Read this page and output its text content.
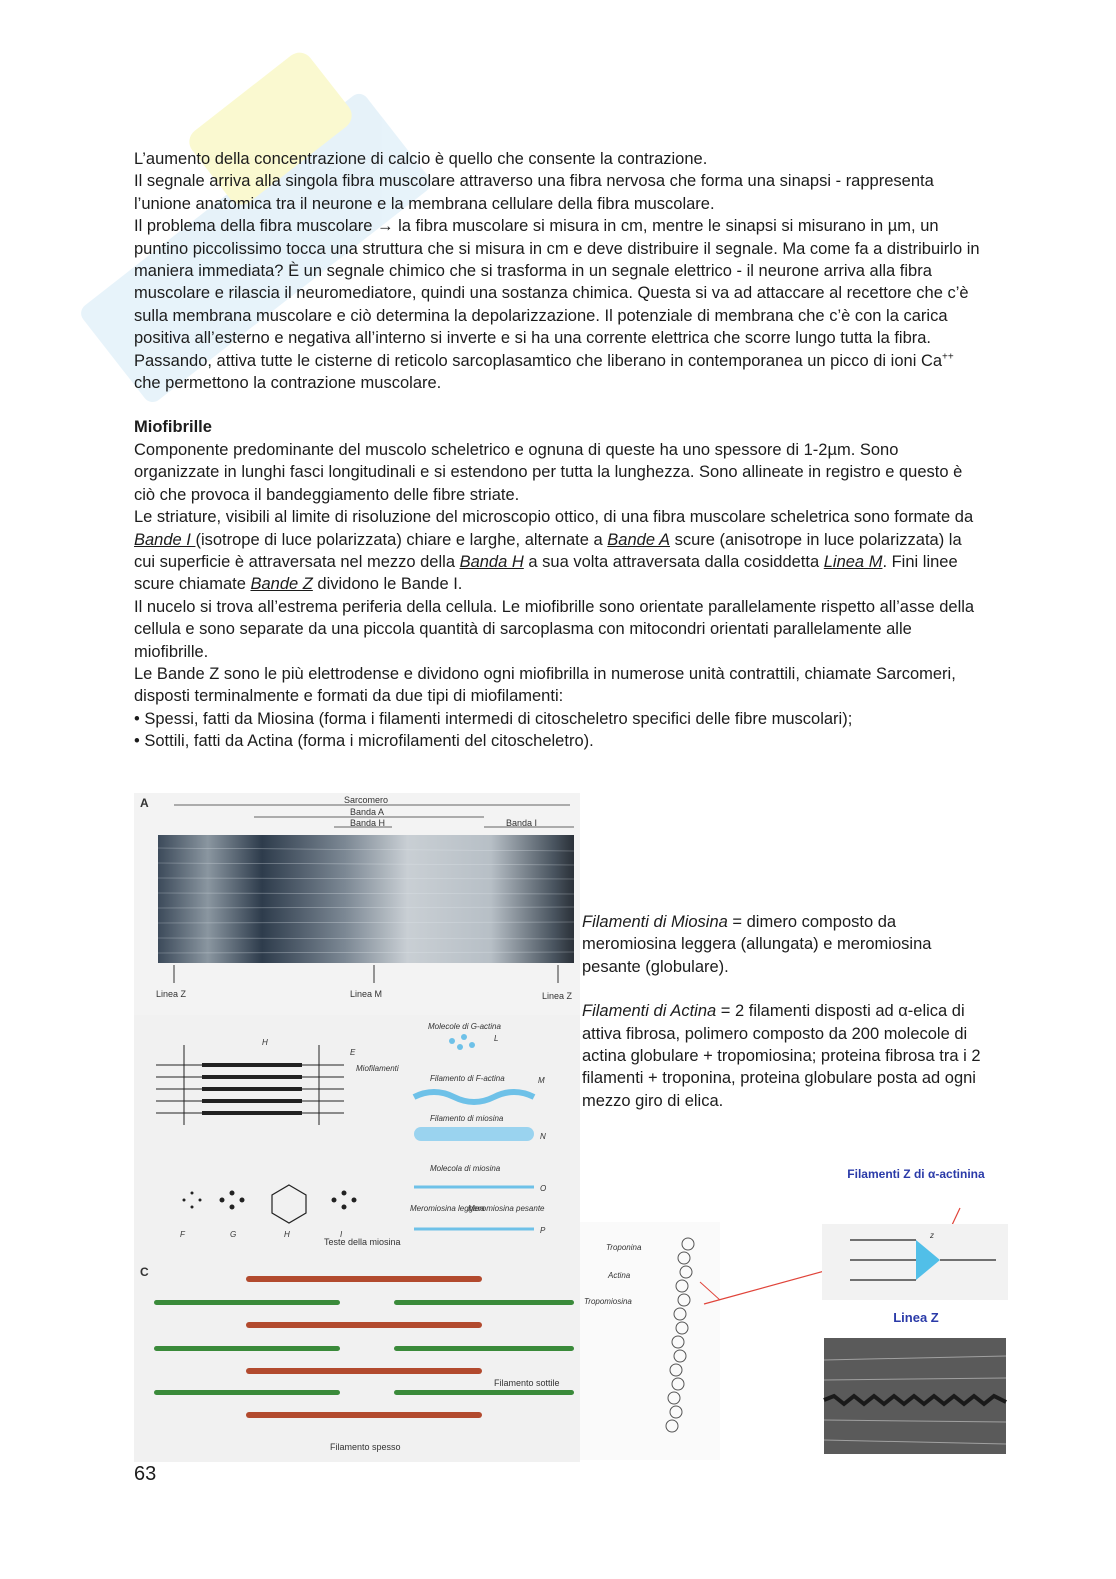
L’aumento della concentrazione di calcio è quello che consente la contrazione.

Il segnale arriva alla singola fibra muscolare attraverso una fibra nervosa che forma una sinapsi - rappresenta l’unione anatomica tra il neurone e la membrana cellulare della fibra muscolare.

Il problema della fibra muscolare → la fibra muscolare si misura in cm, mentre le sinapsi si misurano in µm, un puntino piccolissimo tocca una struttura che si misura in cm e deve distribuire il segnale. Ma come fa a distribuirlo in maniera immediata? È un segnale chimico che si trasforma in un segnale elettrico - il neurone arriva alla fibra muscolare e rilascia il neuromediatore, quindi una sostanza chimica. Questa si va ad attaccare al recettore che c’è sulla membrana muscolare e ciò determina la depolarizzazione. Il potenziale di membrana che c’è con la carica positiva all’esterno e negativa all’interno si inverte e si ha una corrente elettrica che scorre lungo tutta la fibra. Passando, attiva tutte le cisterne di reticolo sarcoplasamtico che liberano in contemporanea un picco di ioni Ca++ che permettono la contrazione muscolare.

Miofibrille

Componente predominante del muscolo scheletrico e ognuna di queste ha uno spessore di 1-2µm. Sono organizzate in lunghi fasci longitudinali e si estendono per tutta la lunghezza. Sono allineate in registro e questo è ciò che provoca il bandeggiamento delle fibre striate.

Le striature, visibili al limite di risoluzione del microscopio ottico, di una fibra muscolare scheletrica sono formate da Bande I (isotrope di luce polarizzata) chiare e larghe, alternate a Bande A scure (anisotrope in luce polarizzata) la cui superficie è attraversata nel mezzo della Banda H a sua volta attraversata dalla cosiddetta Linea M. Fini linee scure chiamate Bande Z dividono le Bande I.

Il nucelo si trova all’estrema periferia della cellula. Le miofibrille sono orientate parallelamente rispetto all’asse della cellula e sono separate da una piccola quantità di sarcoplasma con mitocondri orientati parallelamente alle miofibrille.

Le Bande Z sono le più elettrodense e dividono ogni miofibrilla in numerose unità contrattili, chiamate Sarcomeri, disposti terminalmente e formati da due tipi di miofilamenti:

• Spessi, fatti da Miosina (forma i filamenti intermedi di citoscheletro specifici delle fibre muscolari);

• Sottili, fatti da Actina (forma i microfilamenti del citoscheletro).

A	Sarcomero
Banda A
Banda H	Banda I
Linea Z	Linea M	Linea Z
H
E
Miofilamenti
F	G	H	I
Molecole di G-actina
L
Filamento di F-actina	M
Filamento di miosina
N
Molecola di miosina
O
Meromiosina leggera
Meromiosina pesante
P
C
Filamento sottile
Filamento spesso
Teste della miosina
Troponina
Actina
Tropomiosina
Filamenti Z di α-actinina
z
Linea Z

Filamenti di Miosina = dimero composto da meromiosina leggera (allungata) e meromiosina pesante (globulare).

Filamenti di Actina = 2 filamenti disposti ad α-elica di attiva fibrosa, polimero composto da 200 molecole di actina globulare + tropomiosina; proteina fibrosa tra i 2 filamenti + troponina, proteina globulare posta ad ogni mezzo giro di elica.

63
